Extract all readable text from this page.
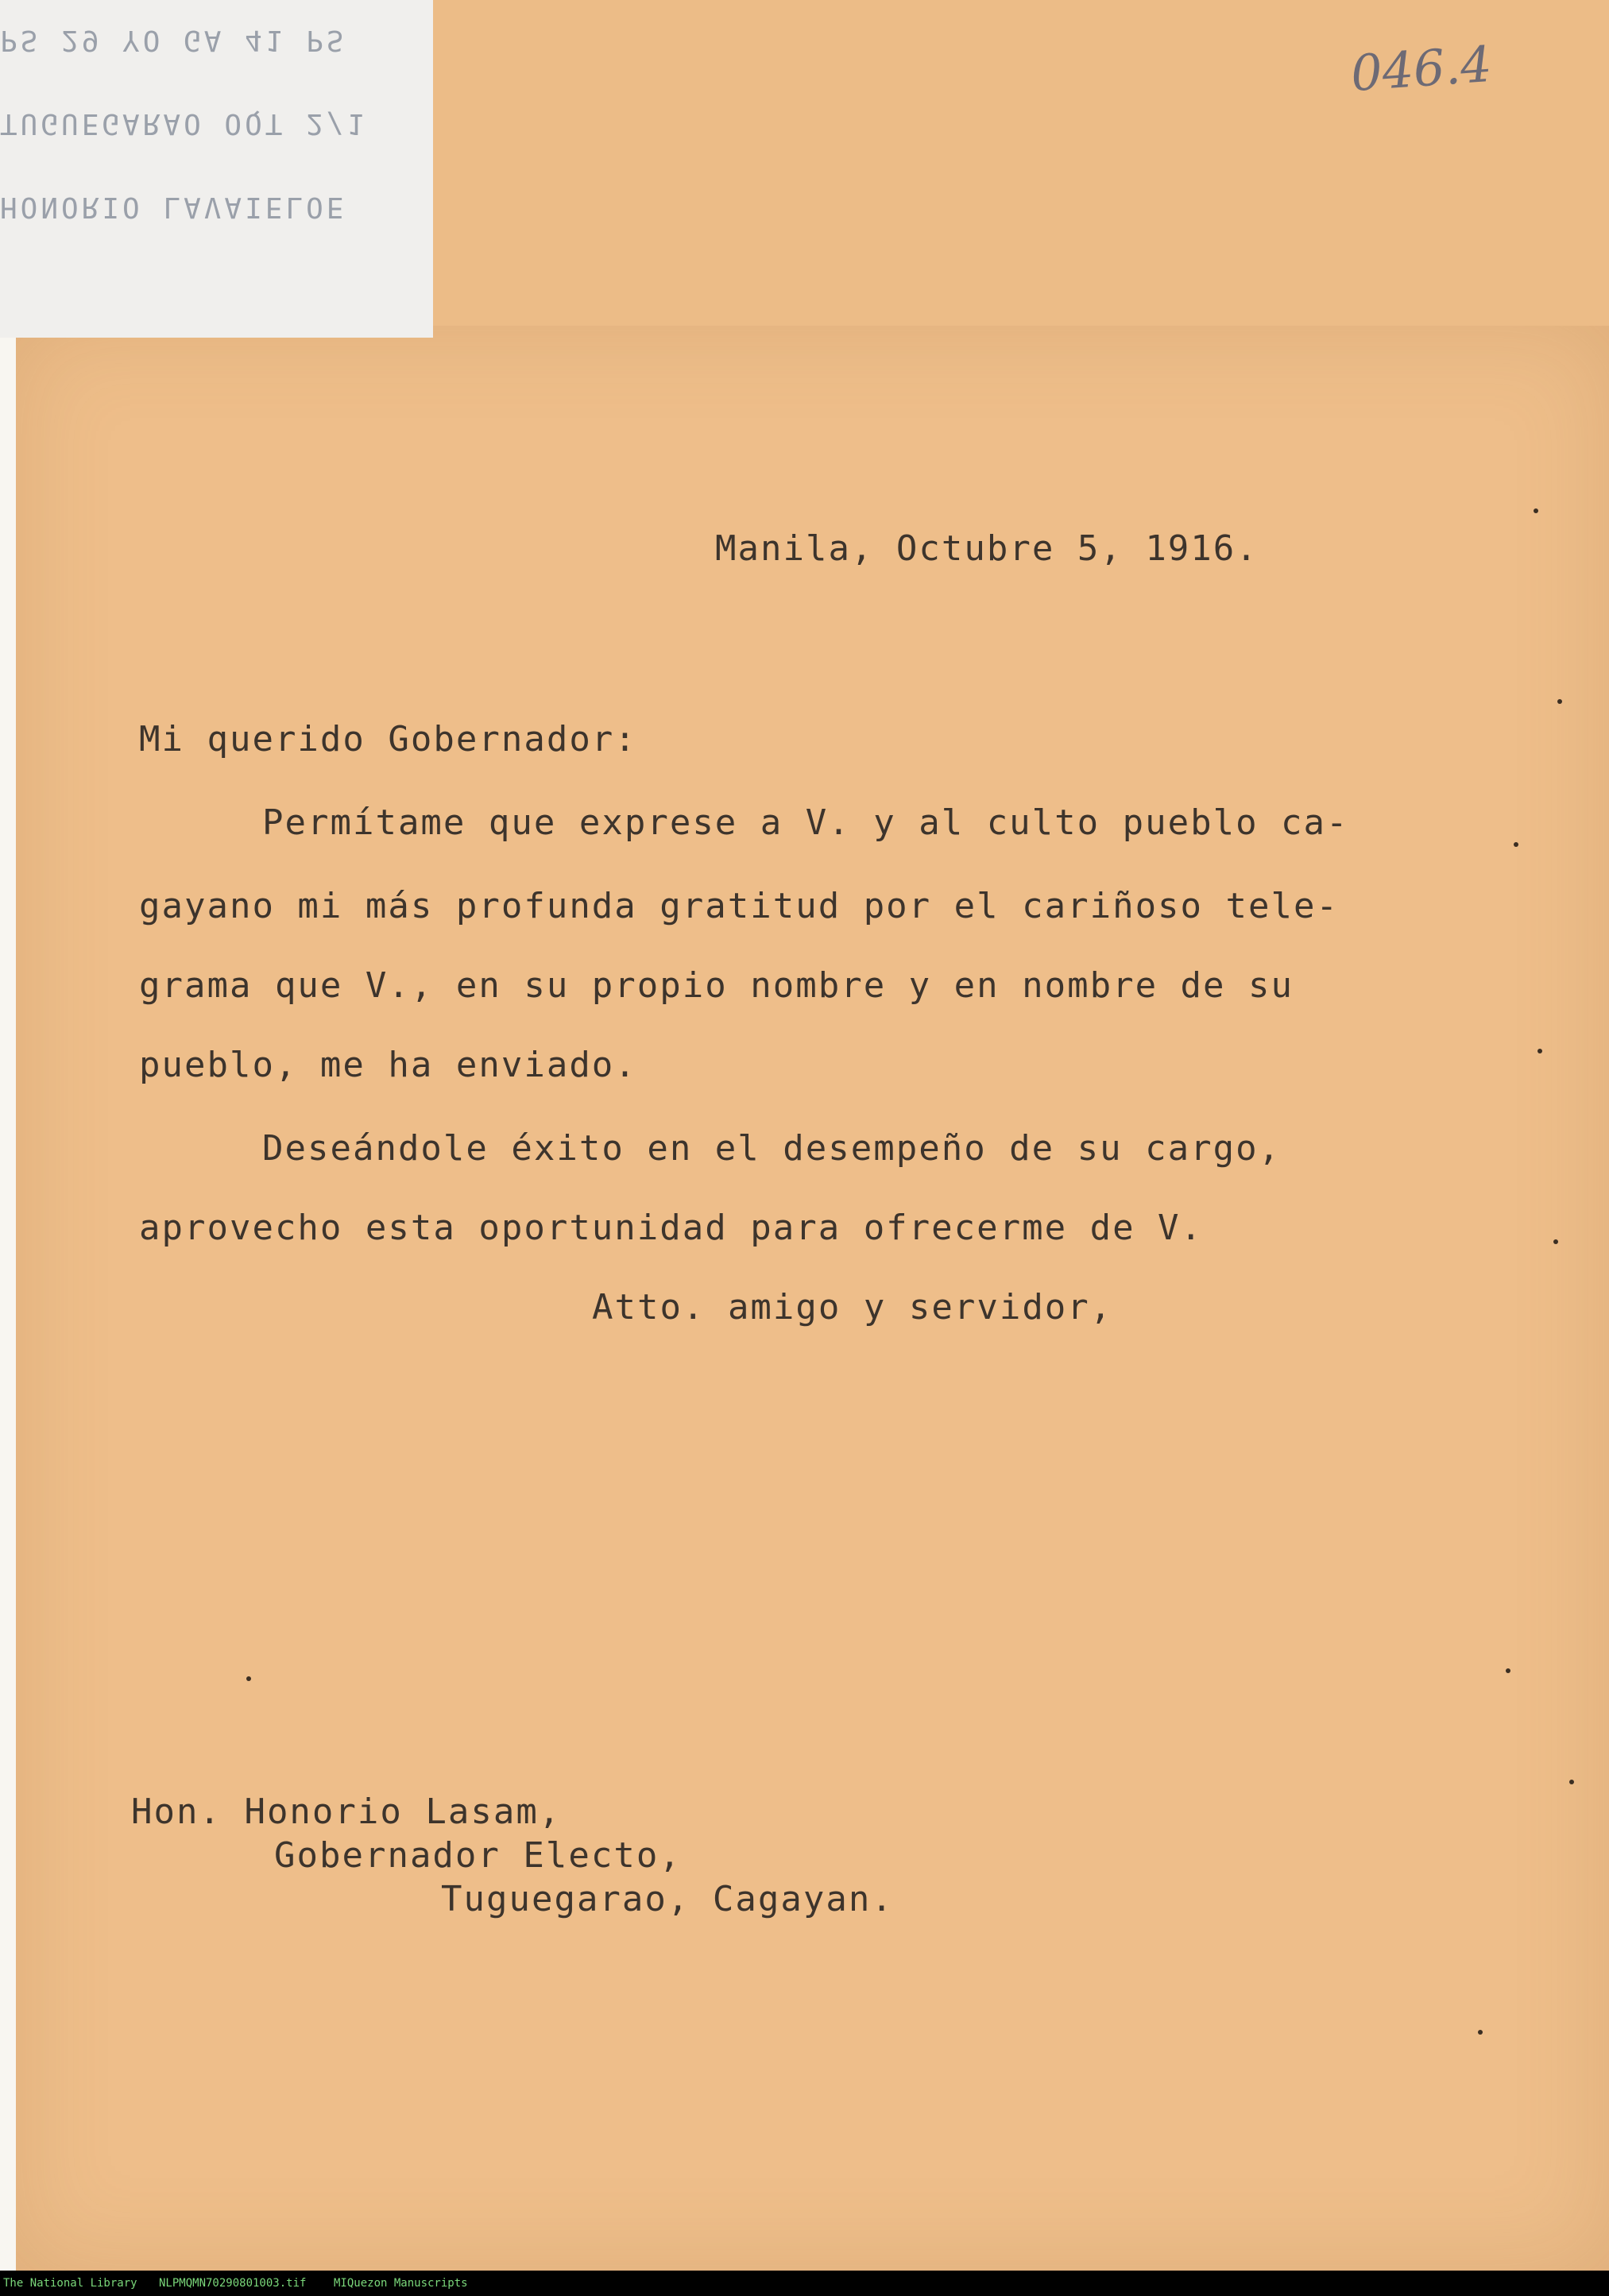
PS 29 YO GA 41 PS
TUGUEGARAO OQT 2/1
HONORIO LAVAIELOE
046.4
Manila, Octubre 5, 1916.
Mi querido Gobernador:
Permítame que exprese a V. y al culto pueblo ca-
gayano mi más profunda gratitud por el cariñoso tele-
grama que V., en su propio nombre y en nombre de su
pueblo, me ha enviado.
Deseándole éxito en el desempeño de su cargo,
aprovecho esta oportunidad para ofrecerme de V.
Atto. amigo y servidor,
Hon. Honorio Lasam,
Gobernador Electo,
Tuguegarao, Cagayan.
The National Library NLPMQMN70290801003.tif MIQuezon Manuscripts
